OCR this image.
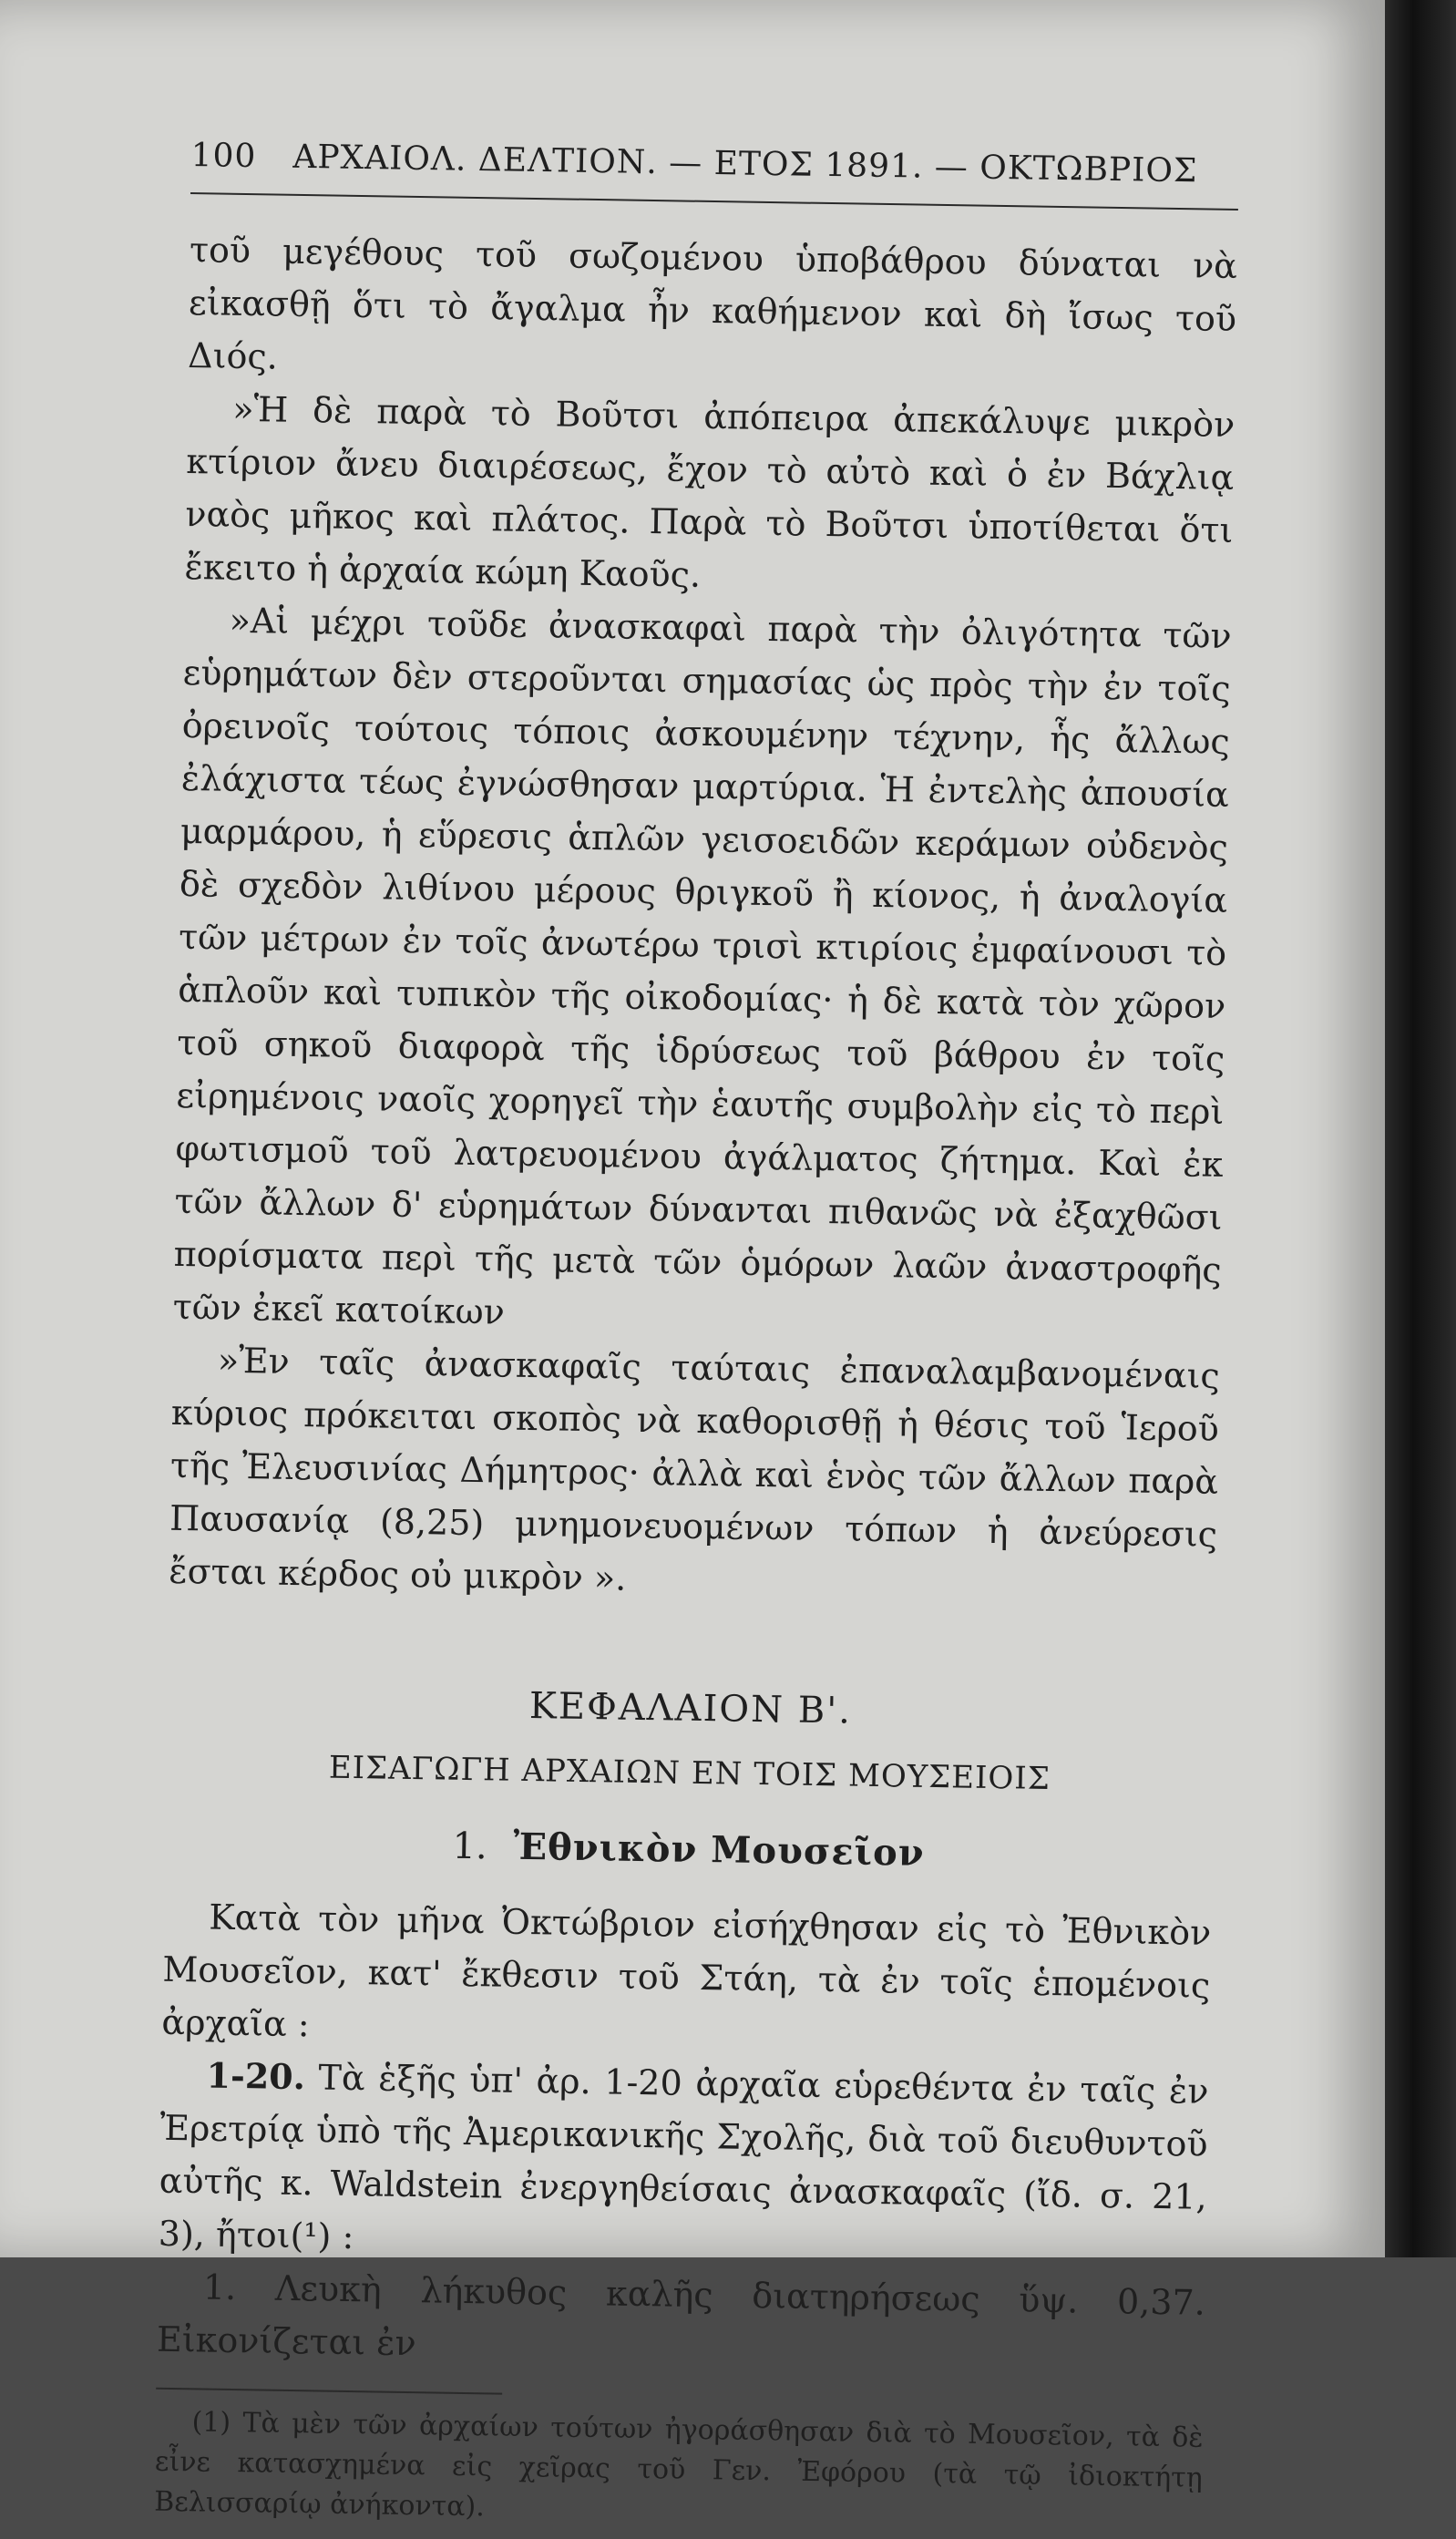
100 ΑΡΧΑΙΟΛ. ΔΕΛΤΙΟΝ. — ΕΤΟΣ 1891. — ΟΚΤΩΒΡΙΟΣ

τοῦ μεγέθους τοῦ σωζομένου ὑποβάθρου δύναται νὰ εἰκασθῇ ὅτι τὸ ἄγαλμα ἦν καθήμενον καὶ δὴ ἴσως τοῦ Διός.

»Ἡ δὲ παρὰ τὸ Βοῦτσι ἀπόπειρα ἀπεκάλυψε μικρὸν κτίριον ἄνευ διαιρέσεως, ἔχον τὸ αὐτὸ καὶ ὁ ἐν Βάχλιᾳ ναὸς μῆκος καὶ πλάτος. Παρὰ τὸ Βοῦτσι ὑποτίθεται ὅτι ἔκειτο ἡ ἀρχαία κώμη Καοῦς.

»Αἱ μέχρι τοῦδε ἀνασκαφαὶ παρὰ τὴν ὀλιγότητα τῶν εὑρημάτων δὲν στεροῦνται σημασίας ὡς πρὸς τὴν ἐν τοῖς ὀρεινοῖς τούτοις τόποις ἀσκουμένην τέχνην, ἧς ἄλλως ἐλάχιστα τέως ἐγνώσθησαν μαρτύρια. Ἡ ἐντελὴς ἀπουσία μαρμάρου, ἡ εὕρεσις ἁπλῶν γεισοειδῶν κεράμων οὐδενὸς δὲ σχεδὸν λιθίνου μέρους θριγκοῦ ἢ κίονος, ἡ ἀναλογία τῶν μέτρων ἐν τοῖς ἀνωτέρω τρισὶ κτιρίοις ἐμφαίνουσι τὸ ἁπλοῦν καὶ τυπικὸν τῆς οἰκοδομίας· ἡ δὲ κατὰ τὸν χῶρον τοῦ σηκοῦ διαφορὰ τῆς ἱδρύσεως τοῦ βάθρου ἐν τοῖς εἰρημένοις ναοῖς χορηγεῖ τὴν ἑαυτῆς συμβολὴν εἰς τὸ περὶ φωτισμοῦ τοῦ λατρευομένου ἀγάλματος ζήτημα. Καὶ ἐκ τῶν ἄλλων δ' εὑρημάτων δύνανται πιθανῶς νὰ ἐξαχθῶσι πορίσματα περὶ τῆς μετὰ τῶν ὁμόρων λαῶν ἀναστροφῆς τῶν ἐκεῖ κατοίκων

»Ἐν ταῖς ἀνασκαφαῖς ταύταις ἐπαναλαμβανομέναις κύριος πρόκειται σκοπὸς νὰ καθορισθῇ ἡ θέσις τοῦ Ἱεροῦ τῆς Ἐλευσινίας Δήμητρος· ἀλλὰ καὶ ἑνὸς τῶν ἄλλων παρὰ Παυσανίᾳ (8,25) μνημονευομένων τόπων ἡ ἀνεύρεσις ἔσται κέρδος οὐ μικρὸν ».

ΚΕΦΑΛΑΙΟΝ Β'.
ΕΙΣΑΓΩΓΗ ΑΡΧΑΙΩΝ ΕΝ ΤΟΙΣ ΜΟΥΣΕΙΟΙΣ
1. Ἐθνικὸν Μουσεῖον

Κατὰ τὸν μῆνα Ὀκτώβριον εἰσήχθησαν εἰς τὸ Ἐθνικὸν Μουσεῖον, κατ' ἔκθεσιν τοῦ Στάη, τὰ ἐν τοῖς ἑπομένοις ἀρχαῖα :

1-20. Τὰ ἑξῆς ὑπ' ἀρ. 1-20 ἀρχαῖα εὑρεθέντα ἐν ταῖς ἐν Ἐρετρίᾳ ὑπὸ τῆς Ἀμερικανικῆς Σχολῆς, διὰ τοῦ διευθυντοῦ αὐτῆς κ. Waldstein ἐνεργηθείσαις ἀνασκαφαῖς (ἴδ. σ. 21, 3), ἤτοι(¹) :

1. Λευκὴ λήκυθος καλῆς διατηρήσεως ὕψ. 0,37. Εἰκονίζεται ἐν

(1) Τὰ μὲν τῶν ἀρχαίων τούτων ἠγοράσθησαν διὰ τὸ Μουσεῖον, τὰ δὲ εἶνε κατασχημένα εἰς χεῖρας τοῦ Γεν. Ἐφόρου (τὰ τῷ ἰδιοκτήτῃ Βελισσαρίῳ ἀνήκοντα).
